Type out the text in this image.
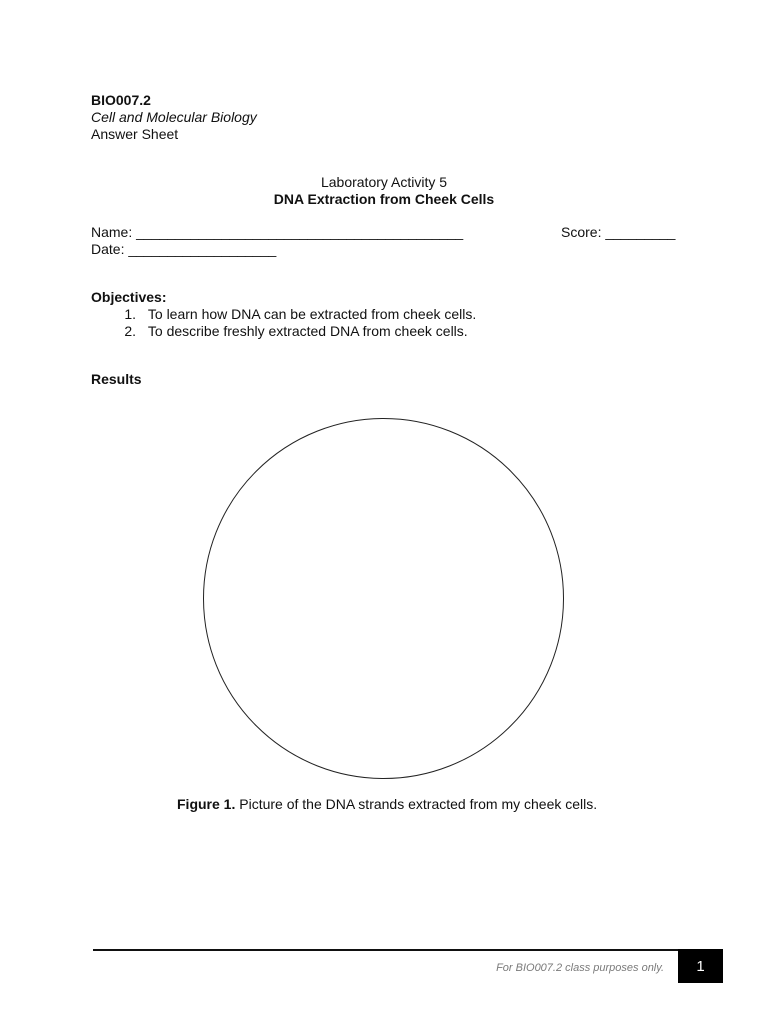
BIO007.2
Cell and Molecular Biology
Answer Sheet
Laboratory Activity 5
DNA Extraction from Cheek Cells
Name: __________________________________________	Score: _________
Date: ___________________
Objectives:
1. To learn how DNA can be extracted from cheek cells.
2. To describe freshly extracted DNA from cheek cells.
Results
Figure 1. Picture of the DNA strands extracted from my cheek cells.
For BIO007.2 class purposes only.	1
